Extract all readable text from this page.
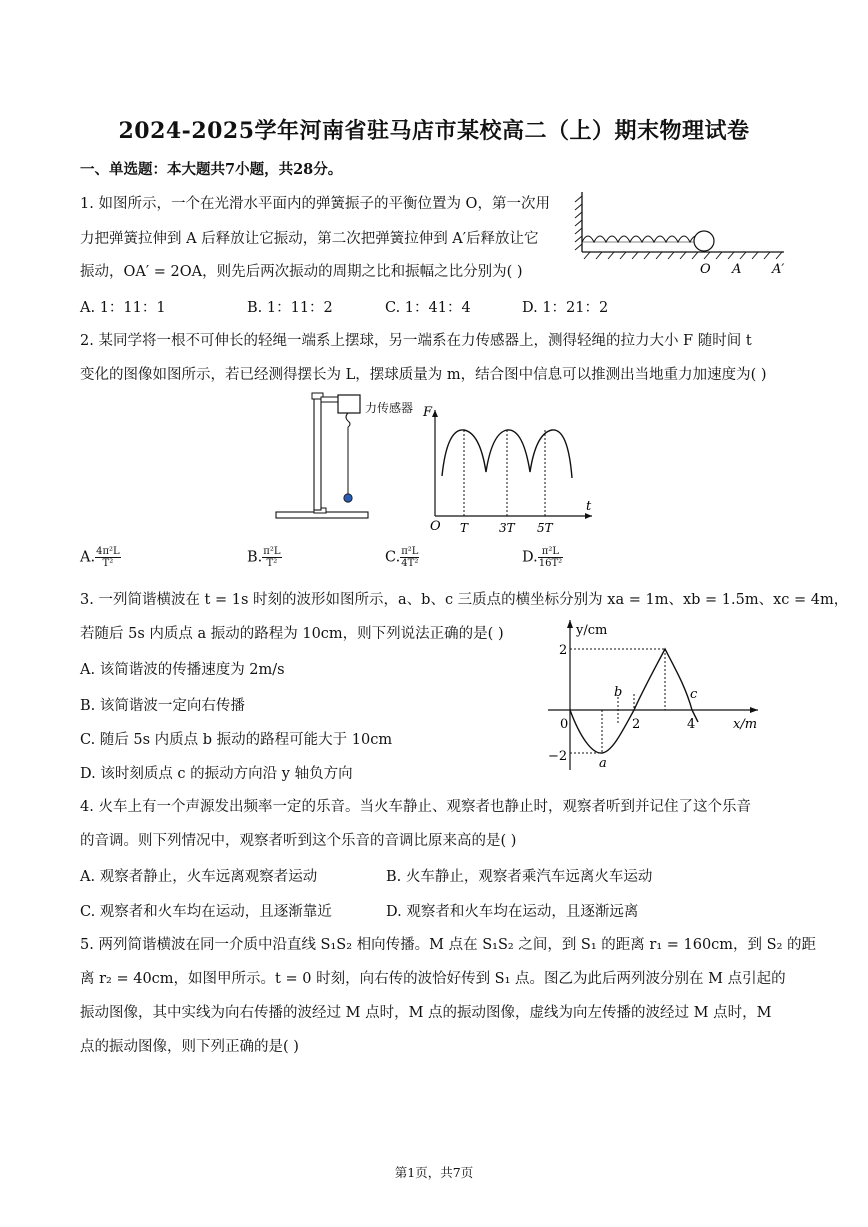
2024-2025学年河南省驻马店市某校高二（上）期末物理试卷
一、单选题：本大题共7小题，共28分。
1. 如图所示，一个在光滑水平面内的弹簧振子的平衡位置为 O，第一次用
力把弹簧拉伸到 A 后释放让它振动，第二次把弹簧拉伸到 A′后释放让它
振动，OA′ = 2OA，则先后两次振动的周期之比和振幅之比分别为( )	O A A′
A. 1：11：1	B. 1：11：2	C. 1：41：4	D. 1：21：2
2. 某同学将一根不可伸长的轻绳一端系上摆球，另一端系在力传感器上，测得轻绳的拉力大小 F 随时间 t
变化的图像如图所示，若已经测得摆长为 L，摆球质量为 m，结合图中信息可以推测出当地重力加速度为( )
力传感器 F
t
O T	3T 5T
A. $\frac{\text{4π²L}}{\text{T²}}$	B. $\frac{\text{π²L}}{\text{T²}}$	C. $\frac{\text{π²L}}{\text{4T²}}$	D. $\frac{\text{π²L}}{\text{16T²}}$
3. 一列简谐横波在 t = 1s 时刻的波形如图所示，a、b、c 三质点的横坐标分别为 xa = 1m、xb = 1.5m、xc = 4m，
若随后 5s 内质点 a 振动的路程为 10cm，则下列说法正确的是( )
A. 该简谐波的传播速度为 2m/s
B. 该简谐波一定向右传播
C. 随后 5s 内质点 b 振动的路程可能大于 10cm
D. 该时刻质点 c 的振动方向沿 y 轴负方向
y/cm
x/m
0
2
−2
2	4
a
b	c
4. 火车上有一个声源发出频率一定的乐音。当火车静止、观察者也静止时，观察者听到并记住了这个乐音
的音调。则下列情况中，观察者听到这个乐音的音调比原来高的是( )
A. 观察者静止，火车远离观察者运动	B. 火车静止，观察者乘汽车远离火车运动
C. 观察者和火车均在运动，且逐渐靠近	D. 观察者和火车均在运动，且逐渐远离
5. 两列简谐横波在同一介质中沿直线 S₁S₂ 相向传播。M 点在 S₁S₂ 之间，到 S₁ 的距离 r₁ = 160cm，到 S₂ 的距
离 r₂ = 40cm，如图甲所示。t = 0 时刻，向右传的波恰好传到 S₁ 点。图乙为此后两列波分别在 M 点引起的
振动图像，其中实线为向右传播的波经过 M 点时，M 点的振动图像，虚线为向左传播的波经过 M 点时，M
点的振动图像，则下列正确的是( )
第1页，共7页
